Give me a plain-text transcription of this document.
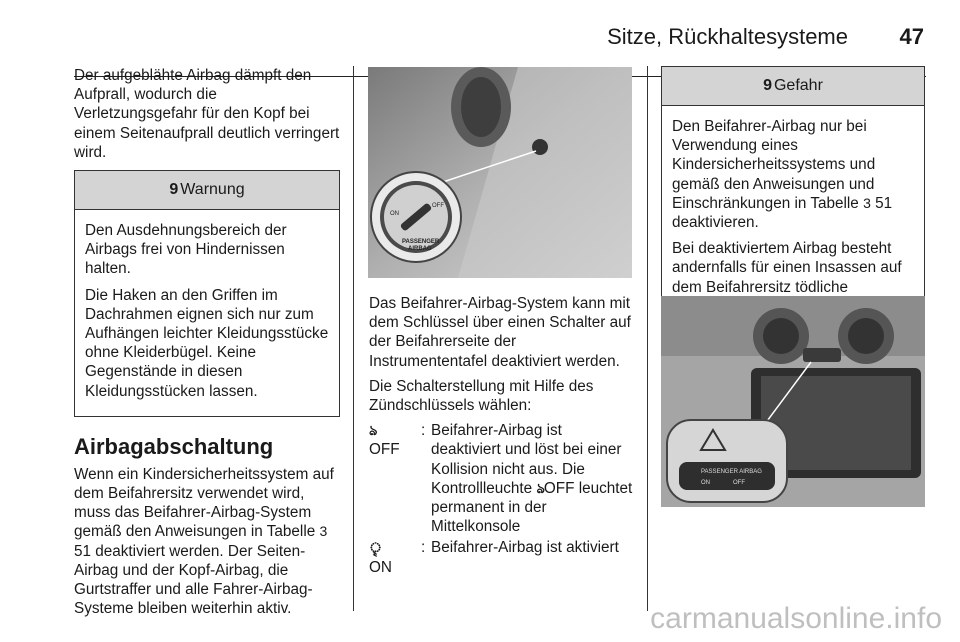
Sitze, Rückhaltesysteme 47

Der aufgeblähte Airbag dämpft den Aufprall, wodurch die Verletzungsgefahr für den Kopf bei einem Seitenaufprall deutlich verringert wird.

9 Warnung

Den Ausdehnungsbereich der Airbags frei von Hindernissen halten.

Die Haken an den Griffen im Dachrahmen eignen sich nur zum Aufhängen leichter Kleidungsstücke ohne Kleiderbügel. Keine Gegenstände in diesen Kleidungsstücken lassen.

Airbagabschaltung

Wenn ein Kindersicherheitssystem auf dem Beifahrersitz verwendet wird, muss das Beifahrer-Airbag-System gemäß den Anweisungen in Tabelle 3 51 deaktiviert werden. Der Seiten-Airbag und der Kopf-Airbag, die Gurtstraffer und alle Fahrer-Airbag-Systeme bleiben weiterhin aktiv.

ON
OFF
PASSENGER
AIRBAG

Das Beifahrer-Airbag-System kann mit dem Schlüssel über einen Schalter auf der Beifahrerseite der Instrumententafel deaktiviert werden.

Die Schalterstellung mit Hilfe des Zündschlüssels wählen:

ঌ
OFF
: Beifahrer-Airbag ist deaktiviert und löst bei einer Kollision nicht aus. Die Kontrollleuchte ঌOFF leuchtet permanent in der Mittelkonsole
ৄ
ON
: Beifahrer-Airbag ist aktiviert
9 Gefahr

Den Beifahrer-Airbag nur bei Verwendung eines Kindersicherheitssystems und gemäß den Anweisungen und Einschränkungen in Tabelle 3 51 deaktivieren.

Bei deaktiviertem Airbag besteht andernfalls für einen Insassen auf dem Beifahrersitz tödliche

PASSENGER AIRBAG
ON	OFF
carmanualsonline.info
